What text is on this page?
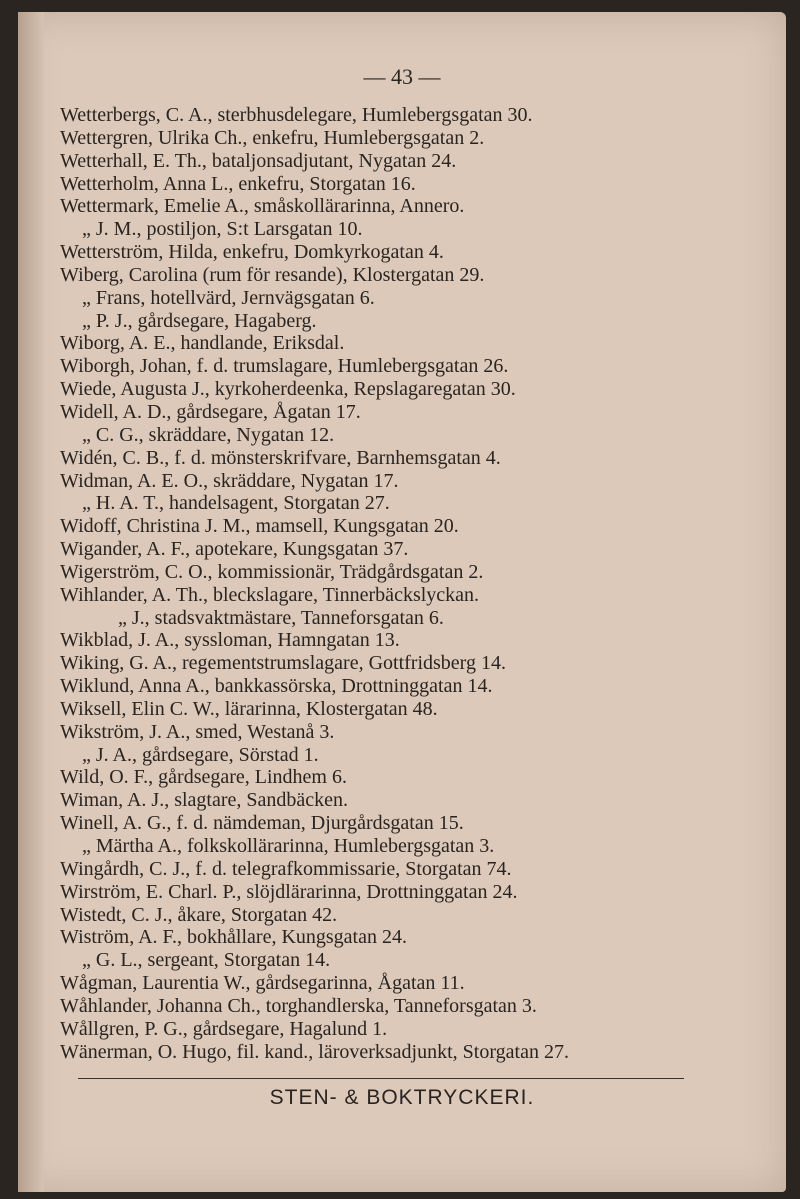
— 43 —
Wetterbergs, C. A., sterbhusdelegare, Humlebergsgatan 30.
Wettergren, Ulrika Ch., enkefru, Humlebergsgatan 2.
Wetterhall, E. Th., bataljonsadjutant, Nygatan 24.
Wetterholm, Anna L., enkefru, Storgatan 16.
Wettermark, Emelie A., småskollärarinna, Annero.
„ J. M., postiljon, S:t Larsgatan 10.
Wetterström, Hilda, enkefru, Domkyrkogatan 4.
Wiberg, Carolina (rum för resande), Klostergatan 29.
„ Frans, hotellvärd, Jernvägsgatan 6.
„ P. J., gårdsegare, Hagaberg.
Wiborg, A. E., handlande, Eriksdal.
Wiborgh, Johan, f. d. trumslagare, Humlebergsgatan 26.
Wiede, Augusta J., kyrkoherdeenka, Repslagaregatan 30.
Widell, A. D., gårdsegare, Ågatan 17.
„ C. G., skräddare, Nygatan 12.
Widén, C. B., f. d. mönsterskrifvare, Barnhemsgatan 4.
Widman, A. E. O., skräddare, Nygatan 17.
„ H. A. T., handelsagent, Storgatan 27.
Widoff, Christina J. M., mamsell, Kungsgatan 20.
Wigander, A. F., apotekare, Kungsgatan 37.
Wigerström, C. O., kommissionär, Trädgårdsgatan 2.
Wihlander, A. Th., bleckslagare, Tinnerbäckslyckan.
„ J., stadsvaktmästare, Tanneforsgatan 6.
Wikblad, J. A., syssloman, Hamngatan 13.
Wiking, G. A., regementstrumslagare, Gottfridsberg 14.
Wiklund, Anna A., bankkassörska, Drottninggatan 14.
Wiksell, Elin C. W., lärarinna, Klostergatan 48.
Wikström, J. A., smed, Westanå 3.
„ J. A., gårdsegare, Sörstad 1.
Wild, O. F., gårdsegare, Lindhem 6.
Wiman, A. J., slagtare, Sandbäcken.
Winell, A. G., f. d. nämdeman, Djurgårdsgatan 15.
„ Märtha A., folkskollärarinna, Humlebergsgatan 3.
Wingårdh, C. J., f. d. telegrafkommissarie, Storgatan 74.
Wirström, E. Charl. P., slöjdlärarinna, Drottninggatan 24.
Wistedt, C. J., åkare, Storgatan 42.
Wiström, A. F., bokhållare, Kungsgatan 24.
„ G. L., sergeant, Storgatan 14.
Wågman, Laurentia W., gårdsegarinna, Ågatan 11.
Wåhlander, Johanna Ch., torghandlerska, Tanneforsgatan 3.
Wållgren, P. G., gårdsegare, Hagalund 1.
Wänerman, O. Hugo, fil. kand., läroverksadjunkt, Storgatan 27.
STEN- & BOKTRYCKERI.
